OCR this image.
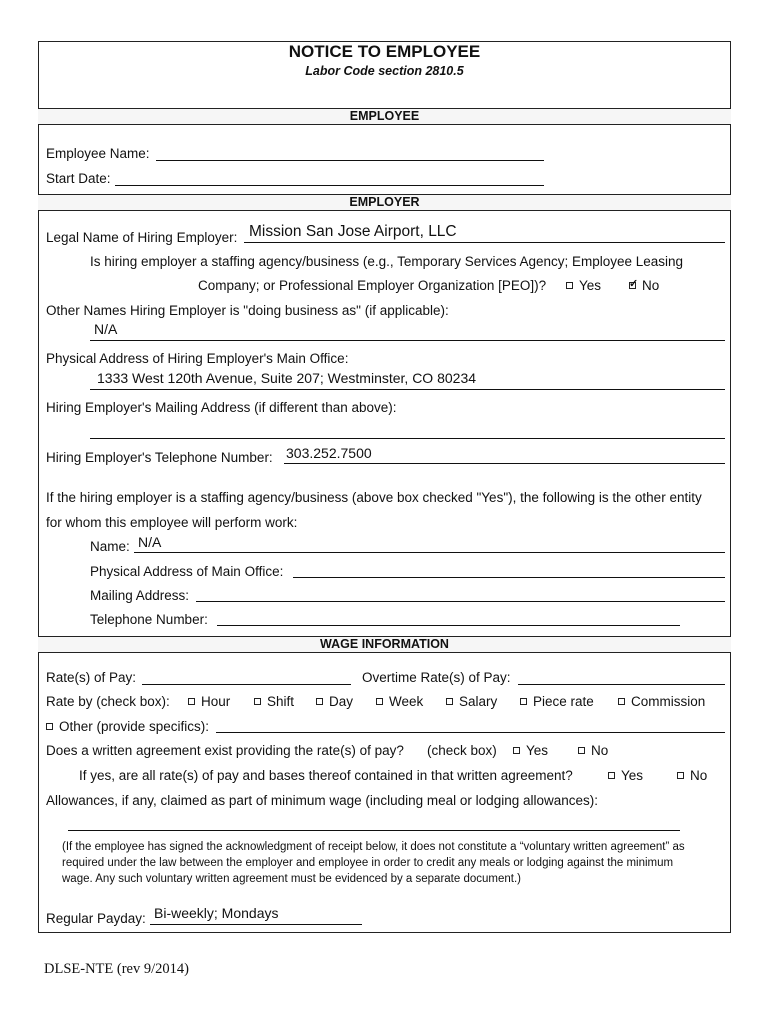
NOTICE TO EMPLOYEE
Labor Code section 2810.5
EMPLOYEE
Employee Name:
Start Date:
EMPLOYER
Legal Name of Hiring Employer: Mission San Jose Airport, LLC
Is hiring employer a staffing agency/business (e.g., Temporary Services Agency; Employee Leasing
Company; or Professional Employer Organization [PEO])? Yes ✓	No
Other Names Hiring Employer is "doing business as" (if applicable):
N/A
Physical Address of Hiring Employer's Main Office:
1333 West 120th Avenue, Suite 207; Westminster, CO 80234
Hiring Employer's Mailing Address (if different than above):
Hiring Employer's Telephone Number: 303.252.7500
If the hiring employer is a staffing agency/business (above box checked "Yes"), the following is the other entity
for whom this employee will perform work:
Name: N/A
Physical Address of Main Office:
Mailing Address:
Telephone Number:
WAGE INFORMATION
Rate(s) of Pay:	Overtime Rate(s) of Pay:
Rate by (check box): Hour	Shift	Day	Week	Salary	Piece rate	Commission
Other (provide specifics):
Does a written agreement exist providing the rate(s) of pay? (check box) Yes	No
If yes, are all rate(s) of pay and bases thereof contained in that written agreement?	Yes	No
Allowances, if any, claimed as part of minimum wage (including meal or lodging allowances):
(If the employee has signed the acknowledgment of receipt below, it does not constitute a “voluntary written agreement” as required under the law between the employer and employee in order to credit any meals or lodging against the minimum wage. Any such voluntary written agreement must be evidenced by a separate document.)
Regular Payday: Bi-weekly; Mondays
DLSE-NTE (rev 9/2014)
